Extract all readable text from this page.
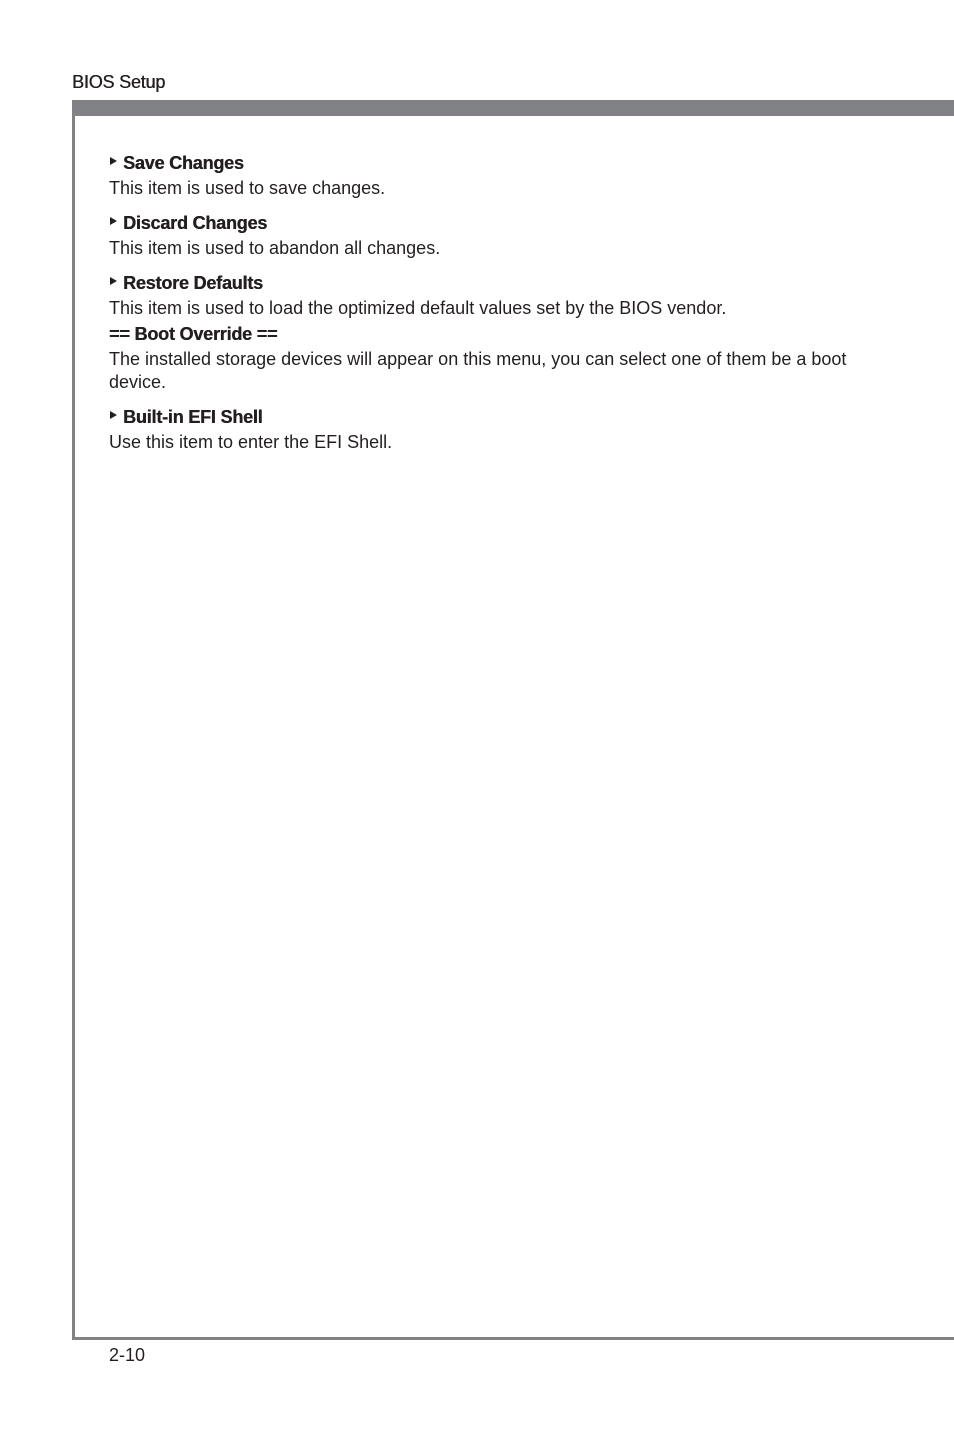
BIOS Setup
Save Changes

This item is used to save changes.

Discard Changes

This item is used to abandon all changes.

Restore Defaults

This item is used to load the optimized default values set by the BIOS vendor.

== Boot Override ==

The installed storage devices will appear on this menu, you can select one of them be a boot device.

Built-in EFI Shell

Use this item to enter the EFI Shell.

2-10
